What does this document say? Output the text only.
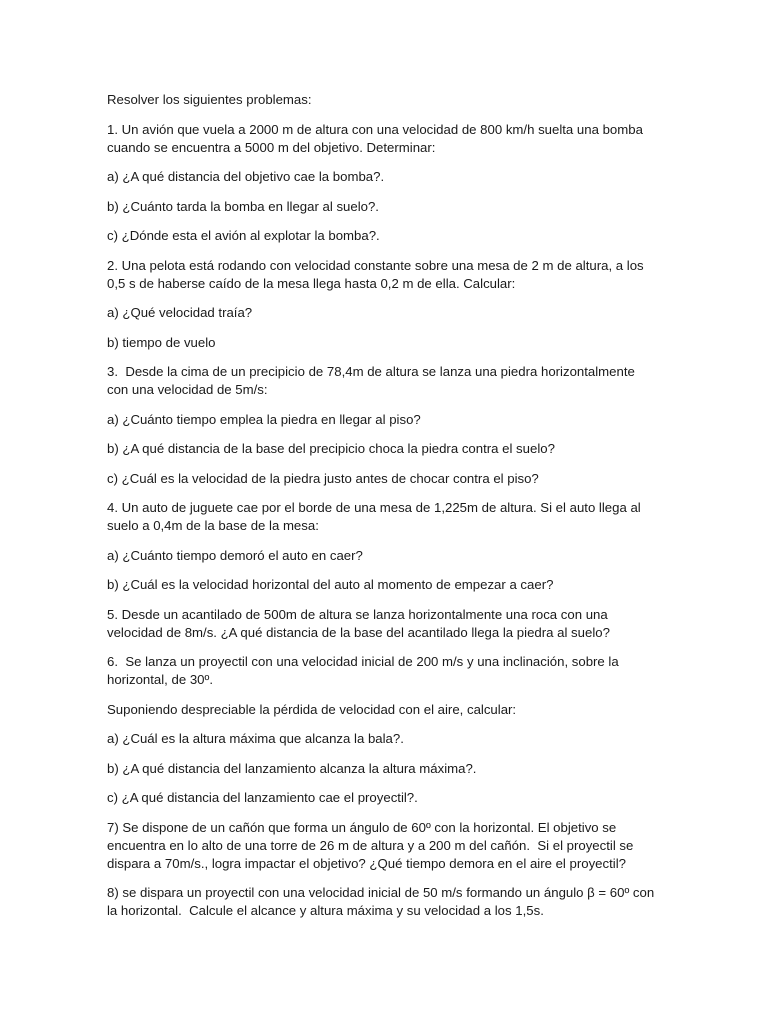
Resolver los siguientes problemas:

1. Un avión que vuela a 2000 m de altura con una velocidad de 800 km/h suelta una bomba cuando se encuentra a 5000 m del objetivo. Determinar:

a) ¿A qué distancia del objetivo cae la bomba?.

b) ¿Cuánto tarda la bomba en llegar al suelo?.

c) ¿Dónde esta el avión al explotar la bomba?.

2. Una pelota está rodando con velocidad constante sobre una mesa de 2 m de altura, a los 0,5 s de haberse caído de la mesa llega hasta 0,2 m de ella. Calcular:

a) ¿Qué velocidad traía?

b) tiempo de vuelo

3.  Desde la cima de un precipicio de 78,4m de altura se lanza una piedra horizontalmente con una velocidad de 5m/s:

a) ¿Cuánto tiempo emplea la piedra en llegar al piso?

b) ¿A qué distancia de la base del precipicio choca la piedra contra el suelo?

c) ¿Cuál es la velocidad de la piedra justo antes de chocar contra el piso?

4. Un auto de juguete cae por el borde de una mesa de 1,225m de altura. Si el auto llega al suelo a 0,4m de la base de la mesa:

a) ¿Cuánto tiempo demoró el auto en caer?

b) ¿Cuál es la velocidad horizontal del auto al momento de empezar a caer?

5. Desde un acantilado de 500m de altura se lanza horizontalmente una roca con una velocidad de 8m/s. ¿A qué distancia de la base del acantilado llega la piedra al suelo?

6.  Se lanza un proyectil con una velocidad inicial de 200 m/s y una inclinación, sobre la horizontal, de 30º.

Suponiendo despreciable la pérdida de velocidad con el aire, calcular:

a) ¿Cuál es la altura máxima que alcanza la bala?.

b) ¿A qué distancia del lanzamiento alcanza la altura máxima?.

c) ¿A qué distancia del lanzamiento cae el proyectil?.

7) Se dispone de un cañón que forma un ángulo de 60º con la horizontal. El objetivo se encuentra en lo alto de una torre de 26 m de altura y a 200 m del cañón.  Si el proyectil se dispara a 70m/s., logra impactar el objetivo? ¿Qué tiempo demora en el aire el proyectil?

8) se dispara un proyectil con una velocidad inicial de 50 m/s formando un ángulo β = 60º con la horizontal.  Calcule el alcance y altura máxima y su velocidad a los 1,5s.
